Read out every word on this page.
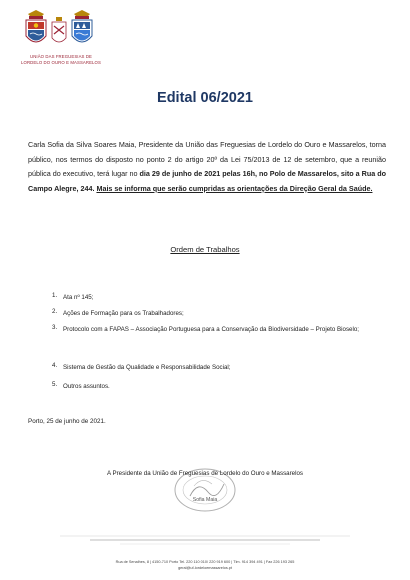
UNIÃO DAS FREGUESIAS DE
LORDELO DO OURO E MASSARELOS
Edital 06/2021
Carla Sofia da Silva Soares Maia, Presidente da União das Freguesias de Lordelo do Ouro e Massarelos, torna público, nos termos do disposto no ponto 2 do artigo 20º da Lei 75/2013 de 12 de setembro, que a reunião pública do executivo, terá lugar no dia 29 de junho de 2021 pelas 16h, no Polo de Massarelos, sito a Rua do Campo Alegre, 244. Mais se informa que serão cumpridas as orientações da Direção Geral da Saúde.
Ordem de Trabalhos
1. Ata nº 145;
2. Ações de Formação para os Trabalhadores;
3. Protocolo com a FAPAS – Associação Portuguesa para a Conservação da Biodiversidade – Projeto Bioselo;
4. Sistema de Gestão da Qualidade e Responsabilidade Social;
5. Outros assuntos.
Porto, 25 de junho de 2021.
A Presidente da União de Freguesias de Lordelo do Ouro e Massarelos
Sofia Maia
Rua de Senalhes, 8 | 4150-710 Porto Tel. 220 110 010/ 220 919 600 | Tlm. 914 394 491 | Fax 226 193 265
geral@uf-lordeloemassarelos.pt
